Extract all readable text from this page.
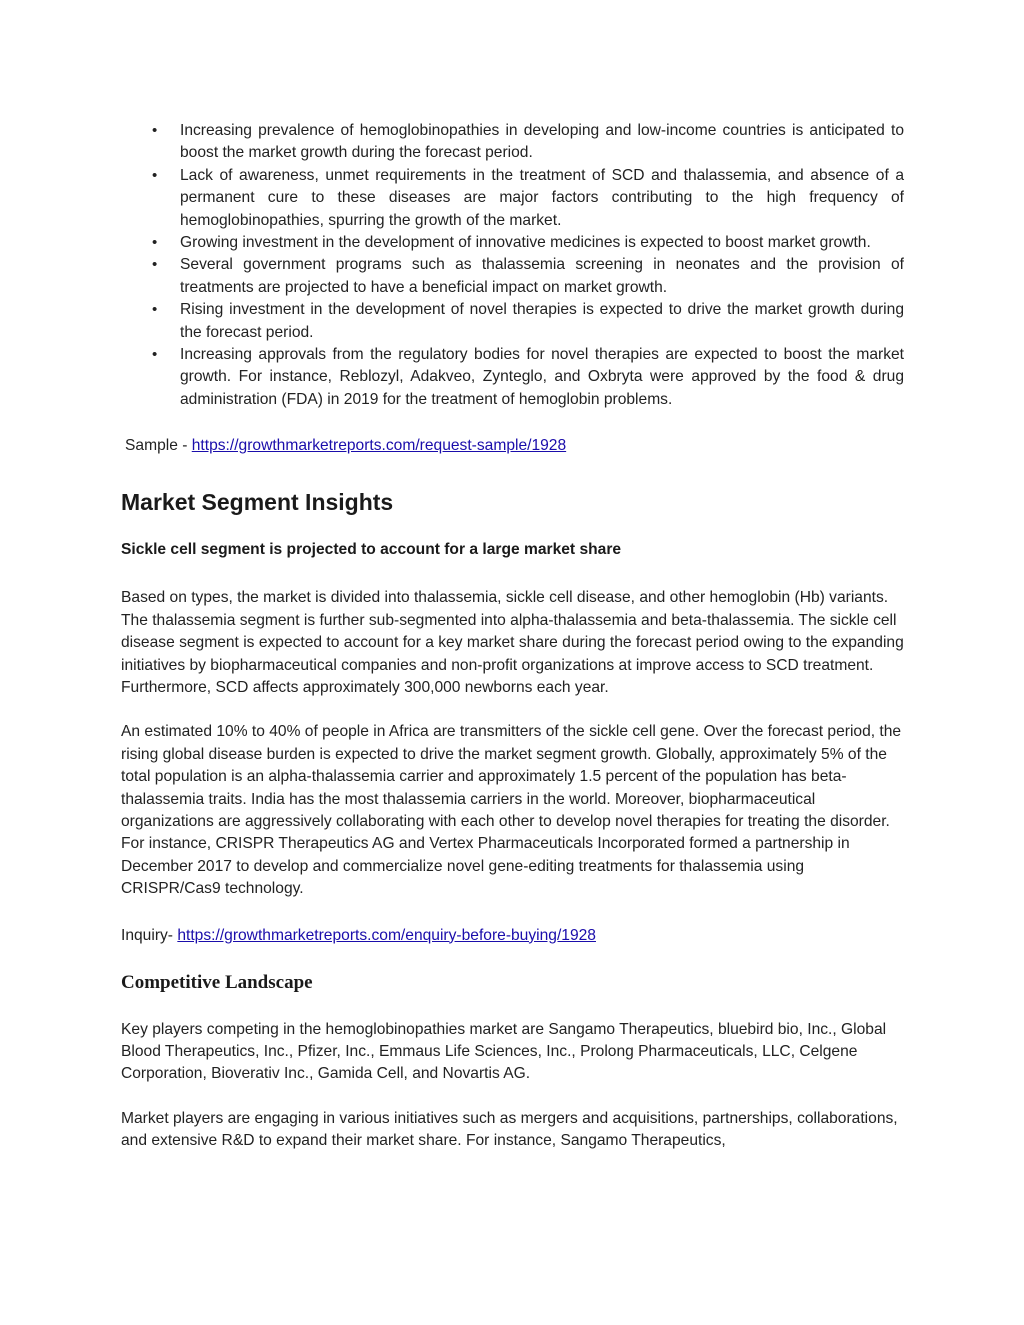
• Increasing prevalence of hemoglobinopathies in developing and low-income countries is anticipated to boost the market growth during the forecast period.
• Lack of awareness, unmet requirements in the treatment of SCD and thalassemia, and absence of a permanent cure to these diseases are major factors contributing to the high frequency of hemoglobinopathies, spurring the growth of the market.
• Growing investment in the development of innovative medicines is expected to boost market growth.
• Several government programs such as thalassemia screening in neonates and the provision of treatments are projected to have a beneficial impact on market growth.
• Rising investment in the development of novel therapies is expected to drive the market growth during the forecast period.
• Increasing approvals from the regulatory bodies for novel therapies are expected to boost the market growth. For instance, Reblozyl, Adakveo, Zynteglo, and Oxbryta were approved by the food & drug administration (FDA) in 2019 for the treatment of hemoglobin problems.
Sample - https://growthmarketreports.com/request-sample/1928
Market Segment Insights
Sickle cell segment is projected to account for a large market share

Based on types, the market is divided into thalassemia, sickle cell disease, and other hemoglobin (Hb) variants. The thalassemia segment is further sub-segmented into alpha-thalassemia and beta-thalassemia. The sickle cell disease segment is expected to account for a key market share during the forecast period owing to the expanding initiatives by biopharmaceutical companies and non-profit organizations at improve access to SCD treatment. Furthermore, SCD affects approximately 300,000 newborns each year.

An estimated 10% to 40% of people in Africa are transmitters of the sickle cell gene. Over the forecast period, the rising global disease burden is expected to drive the market segment growth. Globally, approximately 5% of the total population is an alpha-thalassemia carrier and approximately 1.5 percent of the population has beta-thalassemia traits. India has the most thalassemia carriers in the world. Moreover, biopharmaceutical organizations are aggressively collaborating with each other to develop novel therapies for treating the disorder. For instance, CRISPR Therapeutics AG and Vertex Pharmaceuticals Incorporated formed a partnership in December 2017 to develop and commercialize novel gene-editing treatments for thalassemia using CRISPR/Cas9 technology.

Inquiry- https://growthmarketreports.com/enquiry-before-buying/1928
Competitive Landscape

Key players competing in the hemoglobinopathies market are Sangamo Therapeutics, bluebird bio, Inc., Global Blood Therapeutics, Inc., Pfizer, Inc., Emmaus Life Sciences, Inc., Prolong Pharmaceuticals, LLC, Celgene Corporation, Bioverativ Inc., Gamida Cell, and Novartis AG.

Market players are engaging in various initiatives such as mergers and acquisitions, partnerships, collaborations, and extensive R&D to expand their market share. For instance, Sangamo Therapeutics,
